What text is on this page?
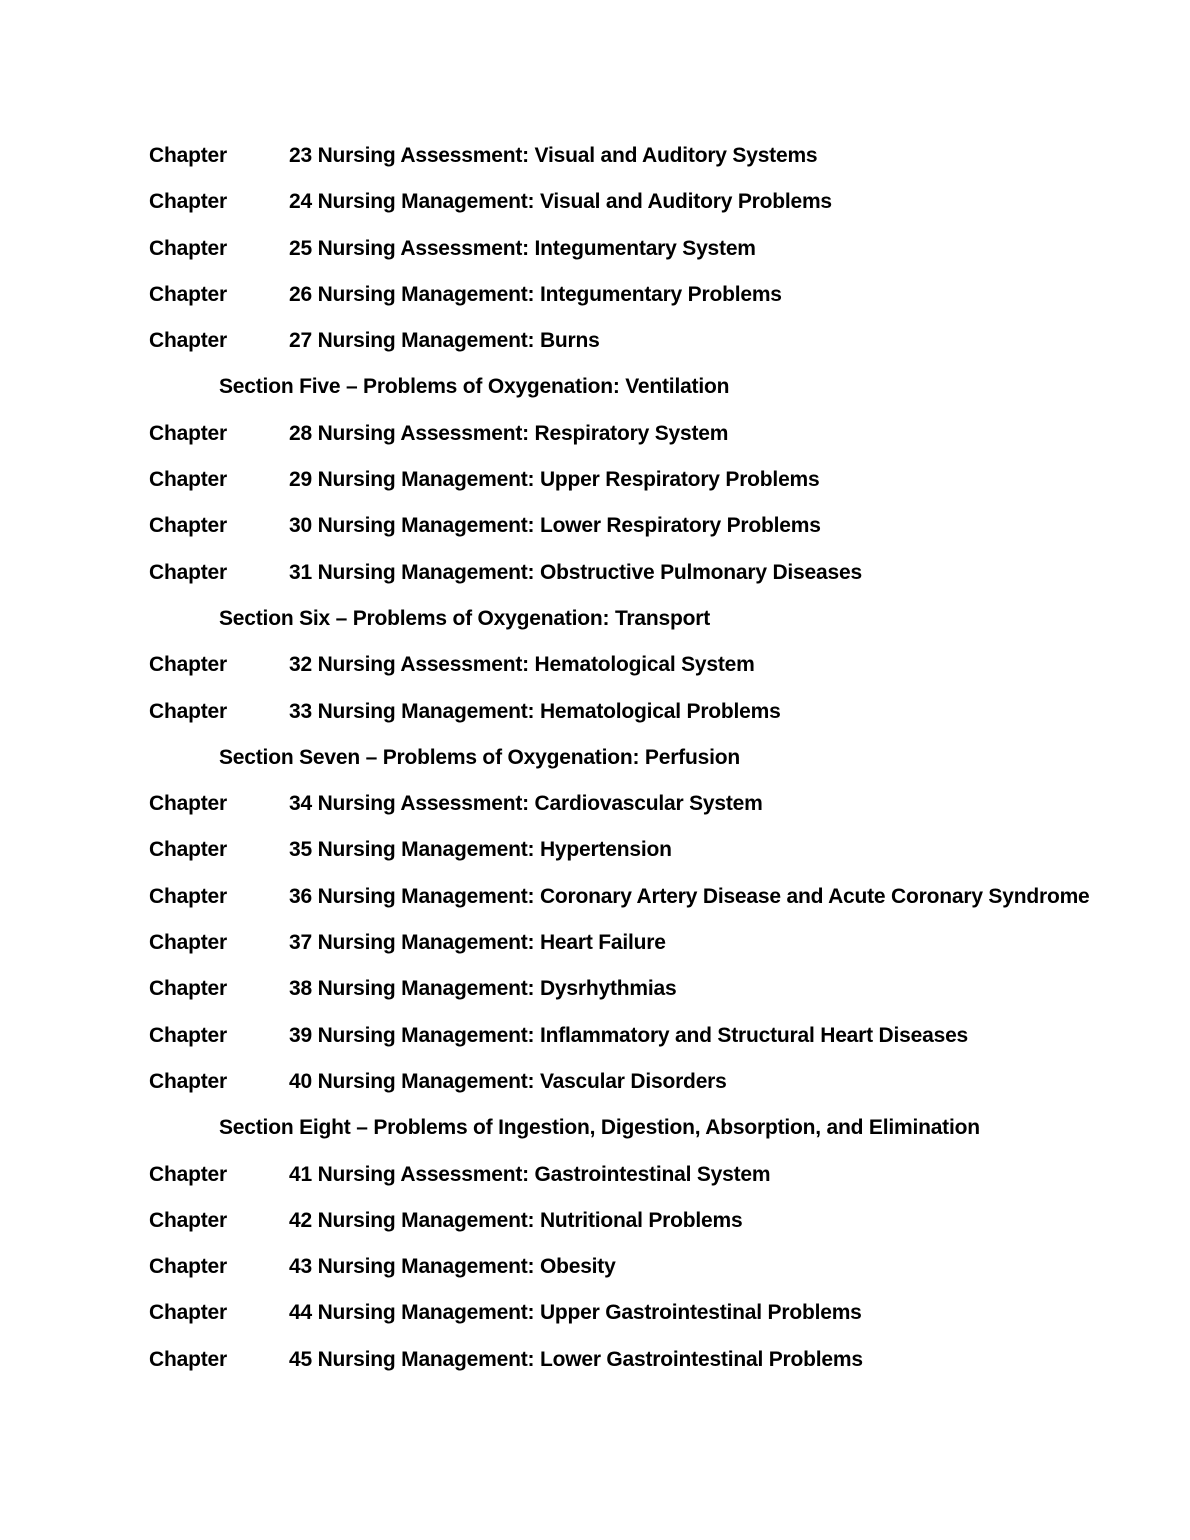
Chapter	23 Nursing Assessment: Visual and Auditory Systems
Chapter	24 Nursing Management: Visual and Auditory Problems
Chapter	25 Nursing Assessment: Integumentary System
Chapter	26 Nursing Management: Integumentary Problems
Chapter	27 Nursing Management: Burns
Section Five – Problems of Oxygenation: Ventilation
Chapter	28 Nursing Assessment: Respiratory System
Chapter	29 Nursing Management: Upper Respiratory Problems
Chapter	30 Nursing Management: Lower Respiratory Problems
Chapter	31 Nursing Management: Obstructive Pulmonary Diseases
Section Six – Problems of Oxygenation: Transport
Chapter	32 Nursing Assessment: Hematological System
Chapter	33 Nursing Management: Hematological Problems
Section Seven – Problems of Oxygenation: Perfusion
Chapter	34 Nursing Assessment: Cardiovascular System
Chapter	35 Nursing Management: Hypertension
Chapter	36 Nursing Management: Coronary Artery Disease and Acute Coronary Syndrome
Chapter	37 Nursing Management: Heart Failure
Chapter	38 Nursing Management: Dysrhythmias
Chapter	39 Nursing Management: Inflammatory and Structural Heart Diseases
Chapter	40 Nursing Management: Vascular Disorders
Section Eight – Problems of Ingestion, Digestion, Absorption, and Elimination
Chapter	41 Nursing Assessment: Gastrointestinal System
Chapter	42 Nursing Management: Nutritional Problems
Chapter	43 Nursing Management: Obesity
Chapter	44 Nursing Management: Upper Gastrointestinal Problems
Chapter	45 Nursing Management: Lower Gastrointestinal Problems
